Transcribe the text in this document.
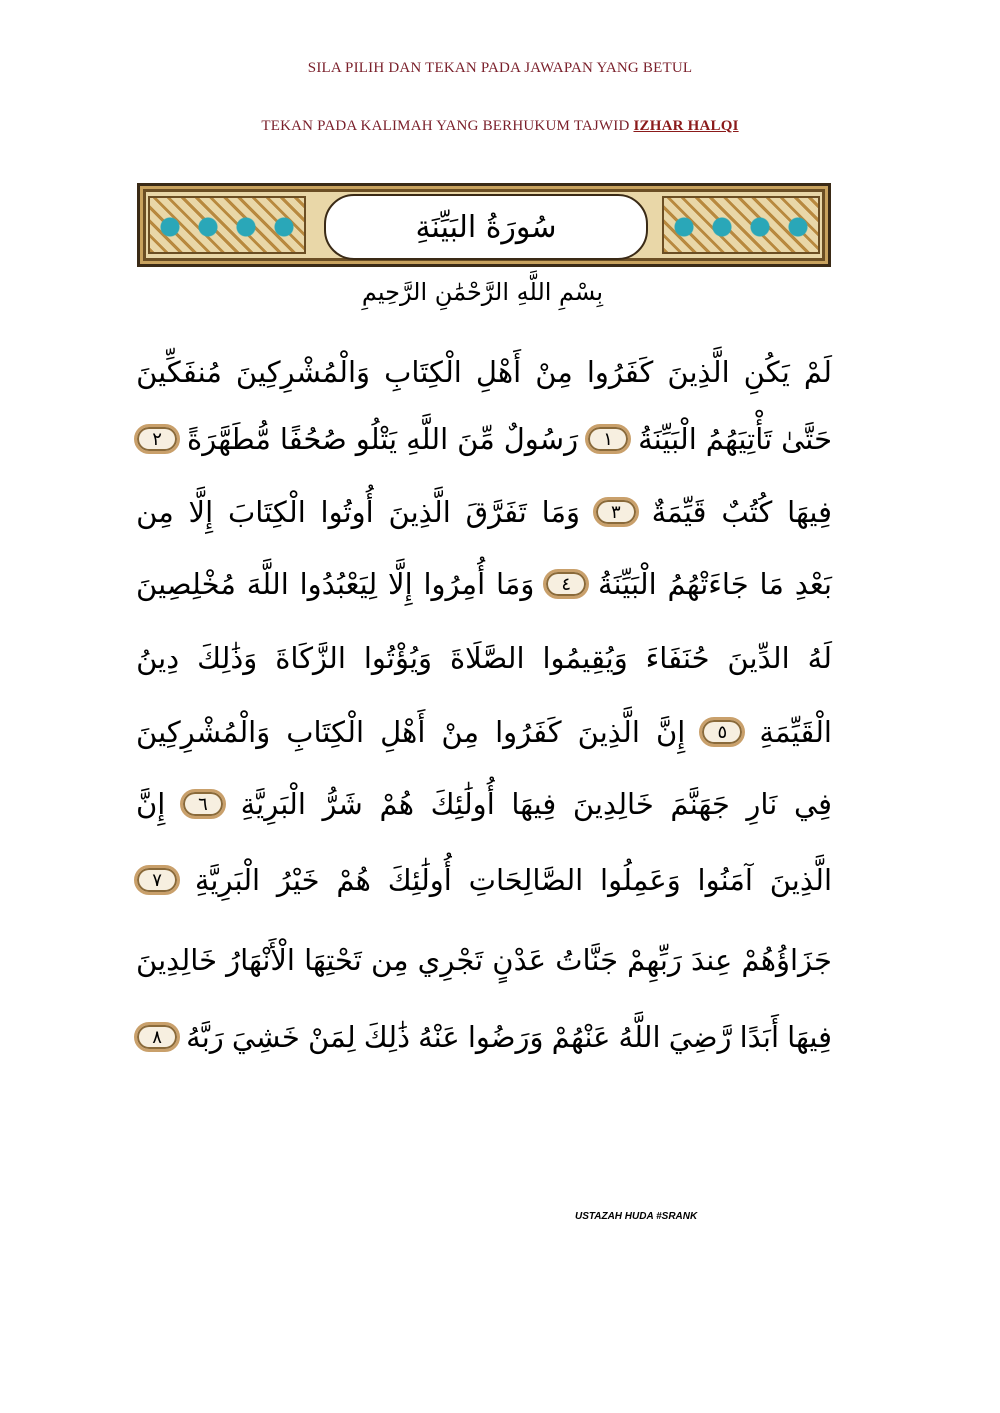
SILA PILIH DAN TEKAN PADA JAWAPAN YANG BETUL
TEKAN PADA KALIMAH YANG BERHUKUM TAJWID IZHAR HALQI
سُورَةُ البَيِّنَةِ
بِسْمِ اللَّهِ الرَّحْمَٰنِ الرَّحِيمِ
لَمْ
يَكُنِ
الَّذِينَ
كَفَرُوا
مِنْ
أَهْلِ
الْكِتَابِ
وَالْمُشْرِكِينَ
مُنفَكِّينَ
حَتَّىٰ
تَأْتِيَهُمُ
الْبَيِّنَةُ
١
رَسُولٌ
مِّنَ
اللَّهِ
يَتْلُو
صُحُفًا
مُّطَهَّرَةً
٢
فِيهَا
كُتُبٌ
قَيِّمَةٌ
٣
وَمَا
تَفَرَّقَ
الَّذِينَ
أُوتُوا
الْكِتَابَ
إِلَّا
مِن
بَعْدِ
مَا
جَاءَتْهُمُ
الْبَيِّنَةُ
٤
وَمَا
أُمِرُوا
إِلَّا
لِيَعْبُدُوا
اللَّهَ
مُخْلِصِينَ
لَهُ
الدِّينَ
حُنَفَاءَ
وَيُقِيمُوا
الصَّلَاةَ
وَيُؤْتُوا
الزَّكَاةَ
وَذَٰلِكَ
دِينُ
الْقَيِّمَةِ
٥
إِنَّ
الَّذِينَ
كَفَرُوا
مِنْ
أَهْلِ
الْكِتَابِ
وَالْمُشْرِكِينَ
فِي
نَارِ
جَهَنَّمَ
خَالِدِينَ
فِيهَا
أُولَٰئِكَ
هُمْ
شَرُّ
الْبَرِيَّةِ
٦
إِنَّ
الَّذِينَ
آمَنُوا
وَعَمِلُوا
الصَّالِحَاتِ
أُولَٰئِكَ
هُمْ
خَيْرُ
الْبَرِيَّةِ
٧
جَزَاؤُهُمْ
عِندَ
رَبِّهِمْ
جَنَّاتُ
عَدْنٍ
تَجْرِي
مِن
تَحْتِهَا
الْأَنْهَارُ
خَالِدِينَ
فِيهَا
أَبَدًا
رَّضِيَ
اللَّهُ
عَنْهُمْ
وَرَضُوا
عَنْهُ
ذَٰلِكَ
لِمَنْ
خَشِيَ
رَبَّهُ
٨
USTAZAH HUDA #SRANK
